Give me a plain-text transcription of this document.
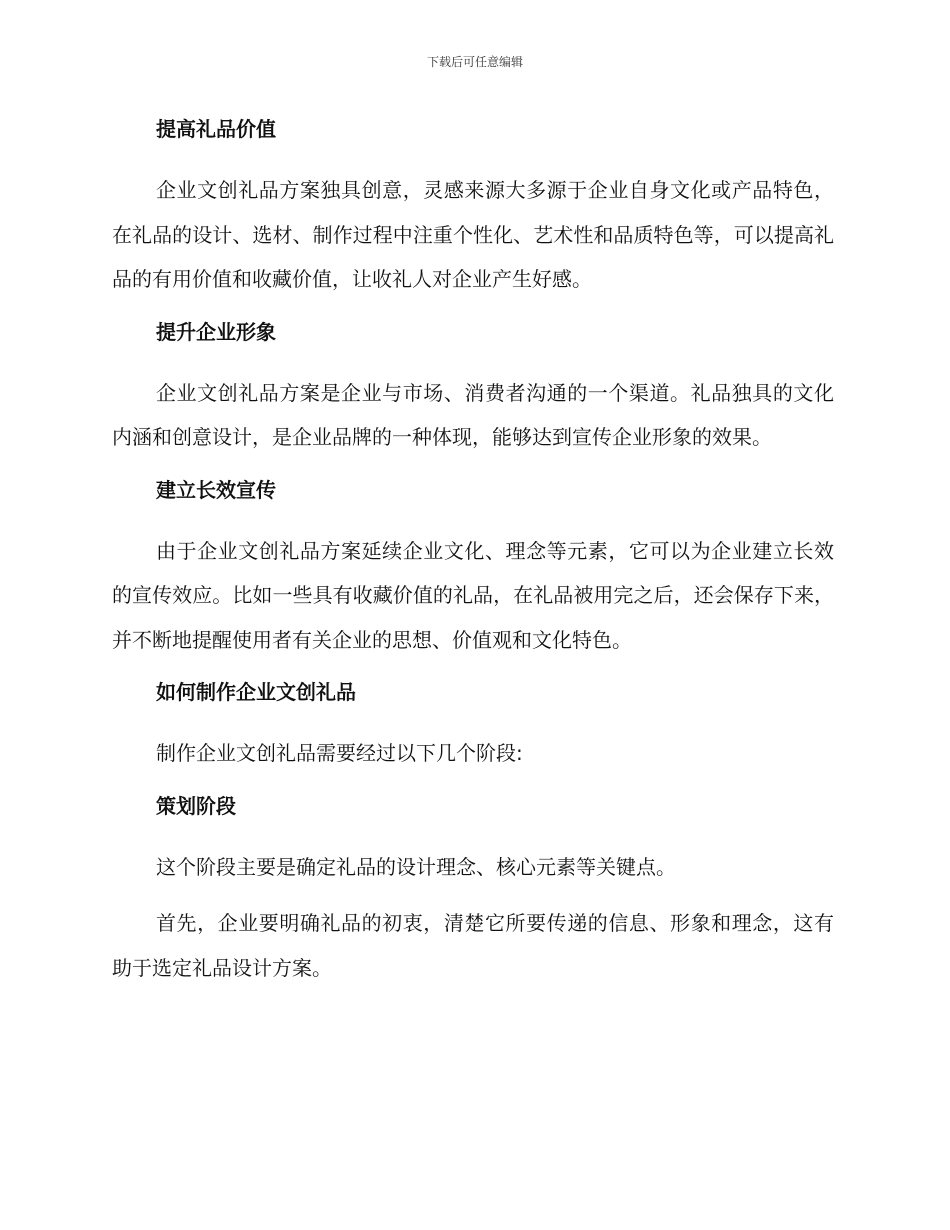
下载后可任意编辑
提高礼品价值
企业文创礼品方案独具创意，灵感来源大多源于企业自身文化或产品特色，在礼品的设计、选材、制作过程中注重个性化、艺术性和品质特色等，可以提高礼品的有用价值和收藏价值，让收礼人对企业产生好感。
提升企业形象
企业文创礼品方案是企业与市场、消费者沟通的一个渠道。礼品独具的文化内涵和创意设计，是企业品牌的一种体现，能够达到宣传企业形象的效果。
建立长效宣传
由于企业文创礼品方案延续企业文化、理念等元素，它可以为企业建立长效的宣传效应。比如一些具有收藏价值的礼品，在礼品被用完之后，还会保存下来，并不断地提醒使用者有关企业的思想、价值观和文化特色。
如何制作企业文创礼品
制作企业文创礼品需要经过以下几个阶段:
策划阶段
这个阶段主要是确定礼品的设计理念、核心元素等关键点。
首先，企业要明确礼品的初衷，清楚它所要传递的信息、形象和理念，这有助于选定礼品设计方案。
